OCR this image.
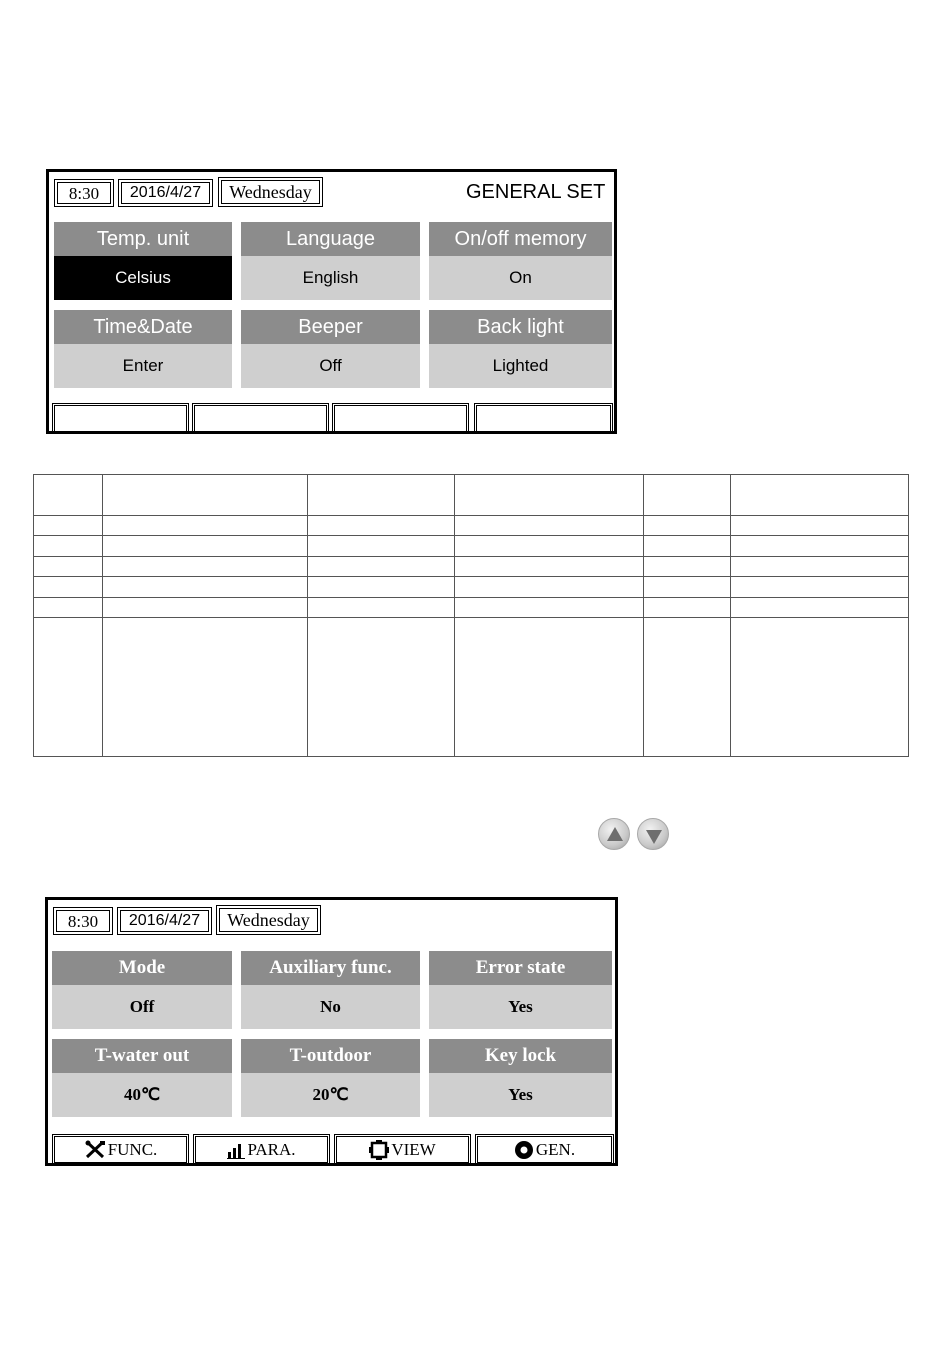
8:30	2016/4/27	Wednesday	GENERAL SET
Temp. unit
Celsius
Language
English
On/off memory
On
Time&Date
Enter
Beeper
Off
Back light
Lighted

8:30	2016/4/27	Wednesday
Mode
Off
Auxiliary func.
No
Error state
Yes
T-water out
40℃
T-outdoor
20℃
Key lock
Yes
FUNC.	PARA.	VIEW	GEN.
